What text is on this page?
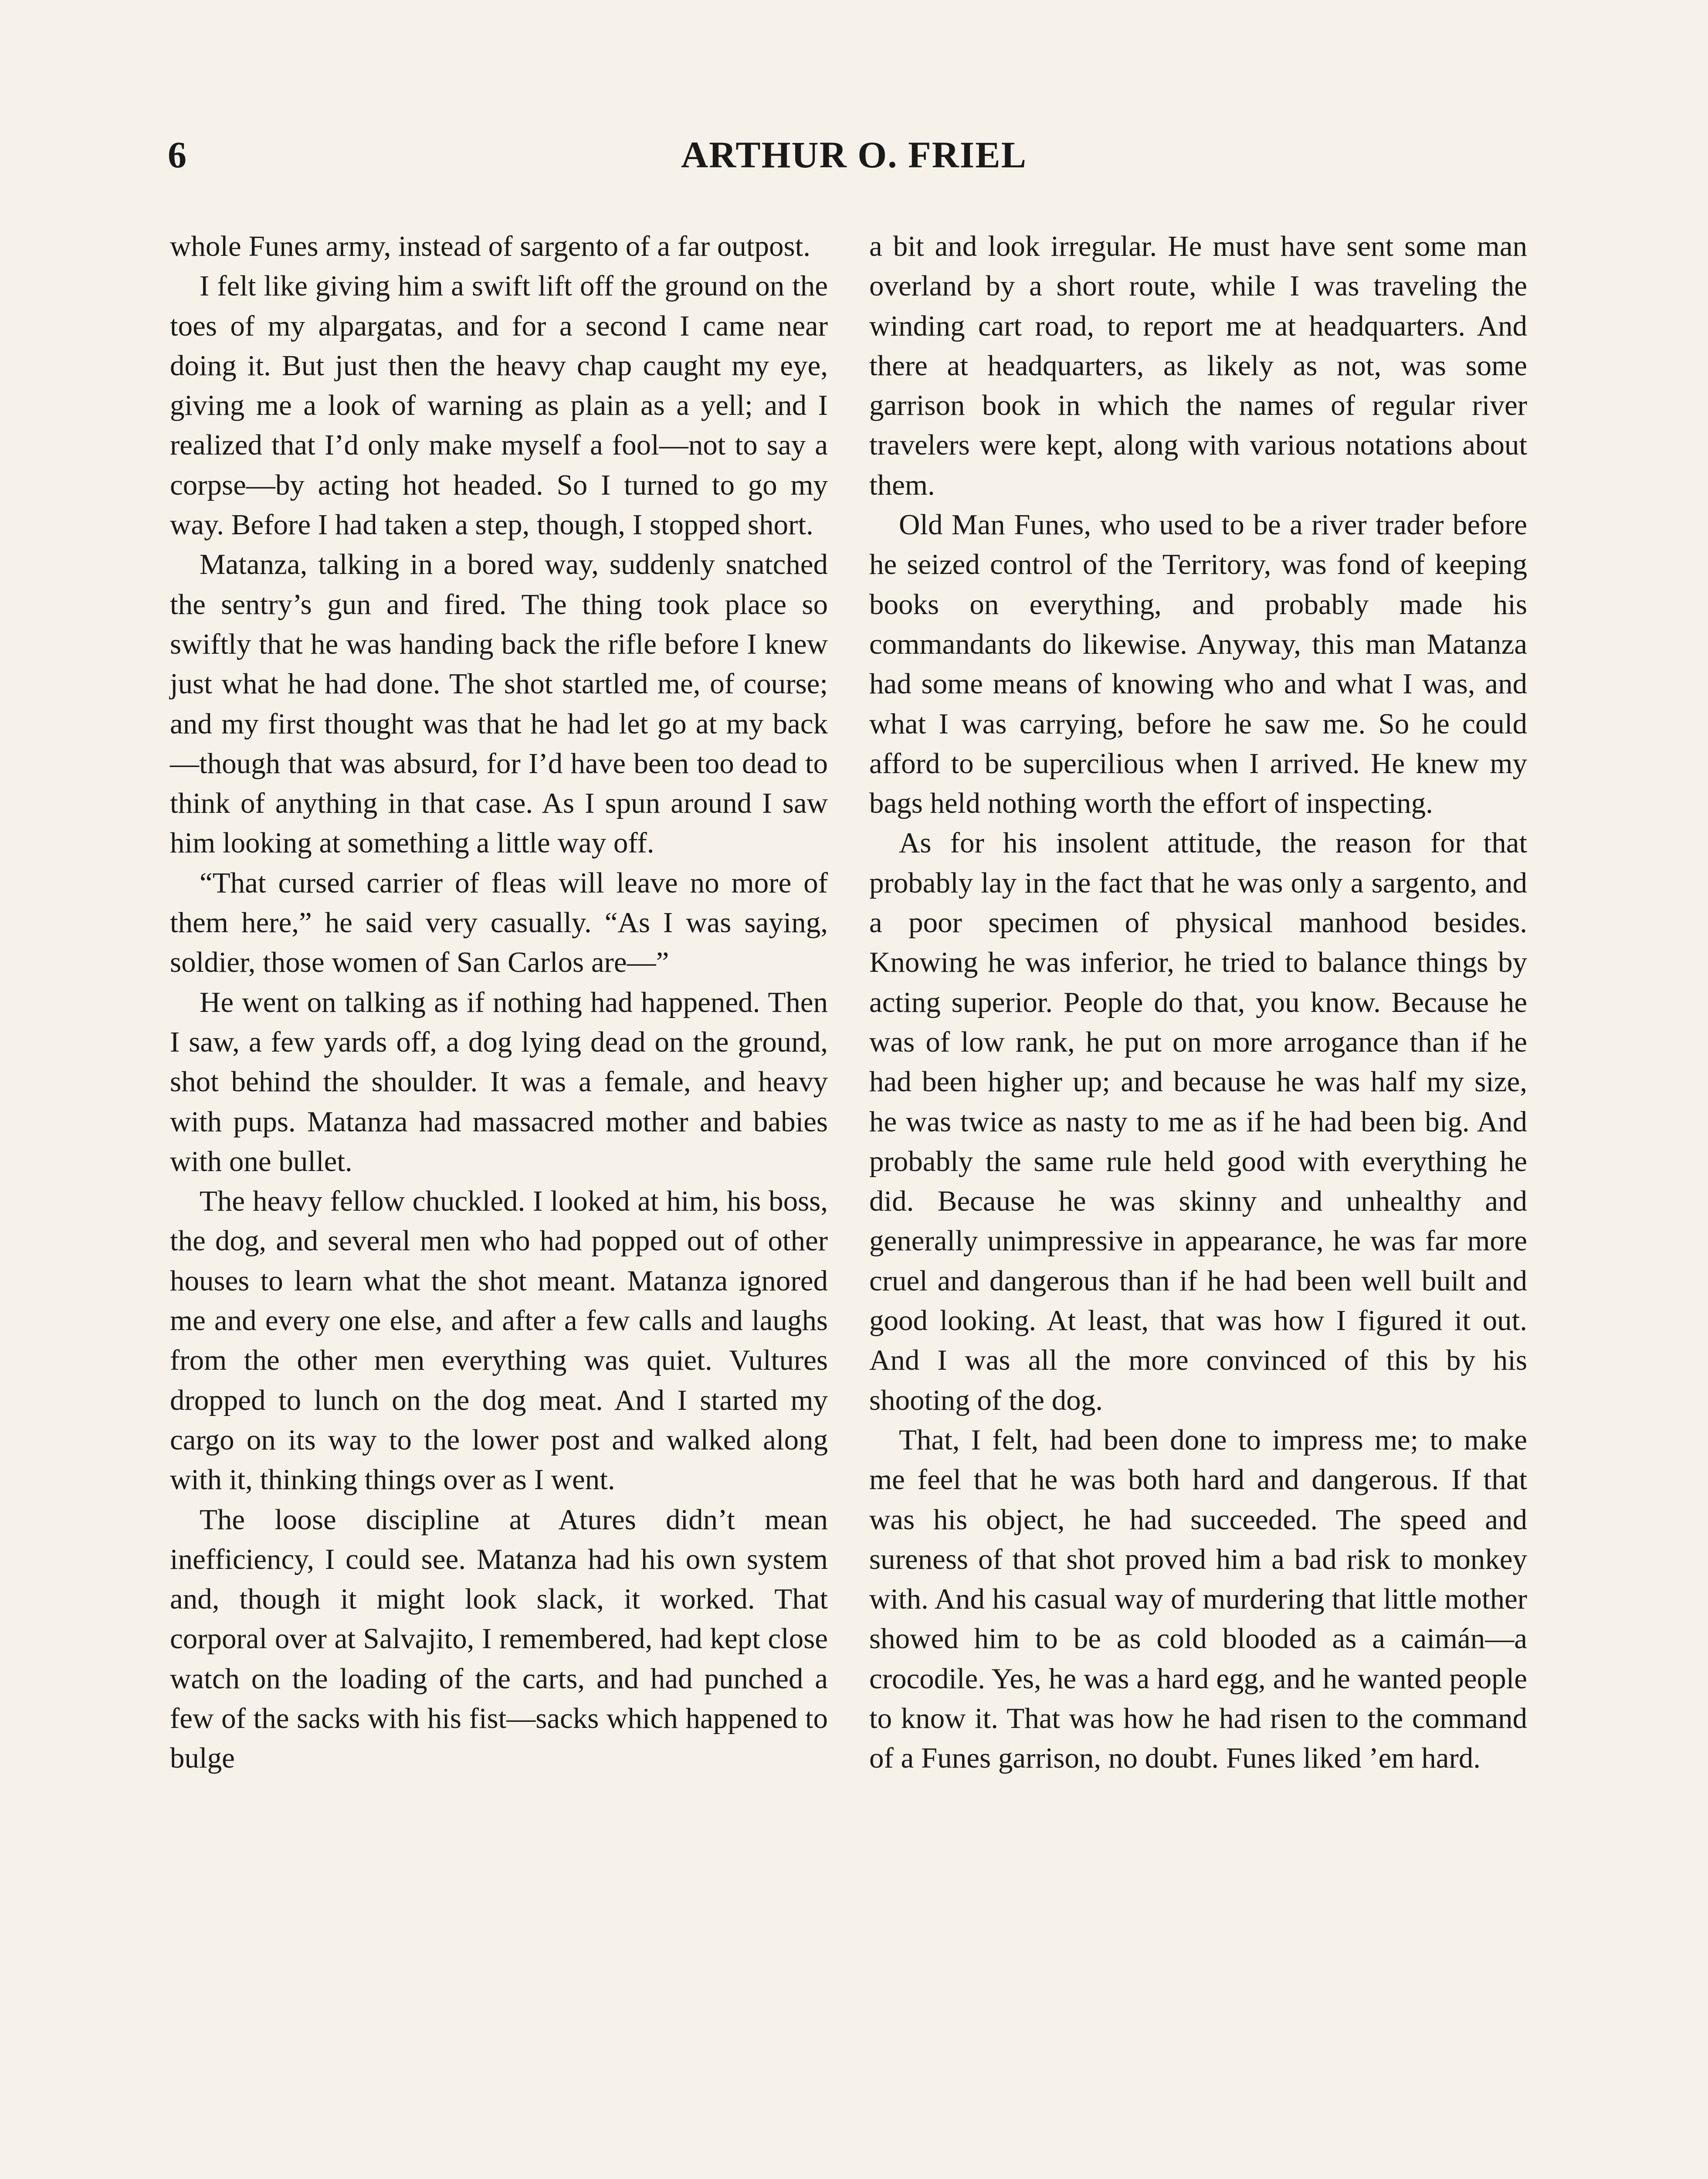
6	ARTHUR O. FRIEL

whole Funes army, instead of sargento of a far outpost.

I felt like giving him a swift lift off the ground on the toes of my alpargatas, and for a second I came near doing it. But just then the heavy chap caught my eye, giving me a look of warning as plain as a yell; and I realized that I’d only make myself a fool—not to say a corpse—by acting hot headed. So I turned to go my way. Before I had taken a step, though, I stopped short.

Matanza, talking in a bored way, suddenly snatched the sentry’s gun and fired. The thing took place so swiftly that he was handing back the rifle before I knew just what he had done. The shot startled me, of course; and my first thought was that he had let go at my back—though that was absurd, for I’d have been too dead to think of anything in that case. As I spun around I saw him looking at something a little way off.

“That cursed carrier of fleas will leave no more of them here,” he said very casually. “As I was saying, soldier, those women of San Carlos are—”

He went on talking as if nothing had happened. Then I saw, a few yards off, a dog lying dead on the ground, shot behind the shoulder. It was a female, and heavy with pups. Matanza had massacred mother and babies with one bullet.

The heavy fellow chuckled. I looked at him, his boss, the dog, and several men who had popped out of other houses to learn what the shot meant. Matanza ignored me and every one else, and after a few calls and laughs from the other men everything was quiet. Vultures dropped to lunch on the dog meat. And I started my cargo on its way to the lower post and walked along with it, thinking things over as I went.

The loose discipline at Atures didn’t mean inefficiency, I could see. Matanza had his own system and, though it might look slack, it worked. That corporal over at Salvajito, I remembered, had kept close watch on the loading of the carts, and had punched a few of the sacks with his fist—sacks which happened to bulge

a bit and look irregular. He must have sent some man overland by a short route, while I was traveling the winding cart road, to report me at headquarters. And there at headquarters, as likely as not, was some garrison book in which the names of regular river travelers were kept, along with various notations about them.

Old Man Funes, who used to be a river trader before he seized control of the Territory, was fond of keeping books on everything, and probably made his commandants do likewise. Anyway, this man Matanza had some means of knowing who and what I was, and what I was carrying, before he saw me. So he could afford to be supercilious when I arrived. He knew my bags held nothing worth the effort of inspecting.

As for his insolent attitude, the reason for that probably lay in the fact that he was only a sargento, and a poor specimen of physical manhood besides. Knowing he was inferior, he tried to balance things by acting superior. People do that, you know. Because he was of low rank, he put on more arrogance than if he had been higher up; and because he was half my size, he was twice as nasty to me as if he had been big. And probably the same rule held good with everything he did. Because he was skinny and unhealthy and generally unimpressive in appearance, he was far more cruel and dangerous than if he had been well built and good looking. At least, that was how I figured it out. And I was all the more convinced of this by his shooting of the dog.

That, I felt, had been done to impress me; to make me feel that he was both hard and dangerous. If that was his object, he had succeeded. The speed and sureness of that shot proved him a bad risk to monkey with. And his casual way of murdering that little mother showed him to be as cold blooded as a caimán—a crocodile. Yes, he was a hard egg, and he wanted people to know it. That was how he had risen to the command of a Funes garrison, no doubt. Funes liked ’em hard.
